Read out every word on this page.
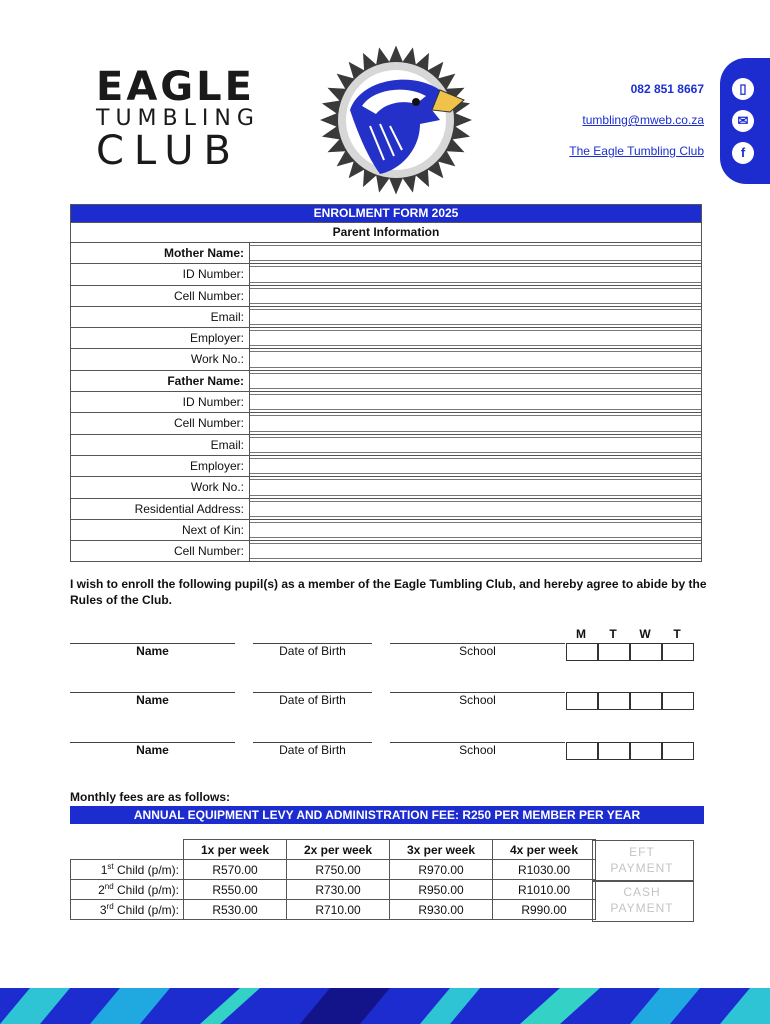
EAGLE
TUMBLING
CLUB
082 851 8667
tumbling@mweb.co.za
The Eagle Tumbling Club
▯
✉
f
ENROLMENT FORM 2025
Parent Information
Mother Name:
ID Number:
Cell Number:
Email:
Employer:
Work No.:
Father Name:
ID Number:
Cell Number:
Email:
Employer:
Work No.:
Residential Address:
Next of Kin:
Cell Number:
I wish to enroll the following pupil(s) as a member of the Eagle Tumbling Club, and hereby agree to abide by the Rules of the Club.
M	T	W	T
Name	Date of Birth	School
Name	Date of Birth	School
Name	Date of Birth	School
Monthly fees are as follows:
ANNUAL EQUIPMENT LEVY AND ADMINISTRATION FEE: R250 PER MEMBER PER YEAR
	1x per week	2x per week	3x per week	4x per week
1st Child (p/m):	R570.00	R750.00	R970.00	R1030.00
2nd Child (p/m):	R550.00	R730.00	R950.00	R1010.00
3rd Child (p/m):	R530.00	R710.00	R930.00	R990.00
EFT
PAYMENT
CASH
PAYMENT
